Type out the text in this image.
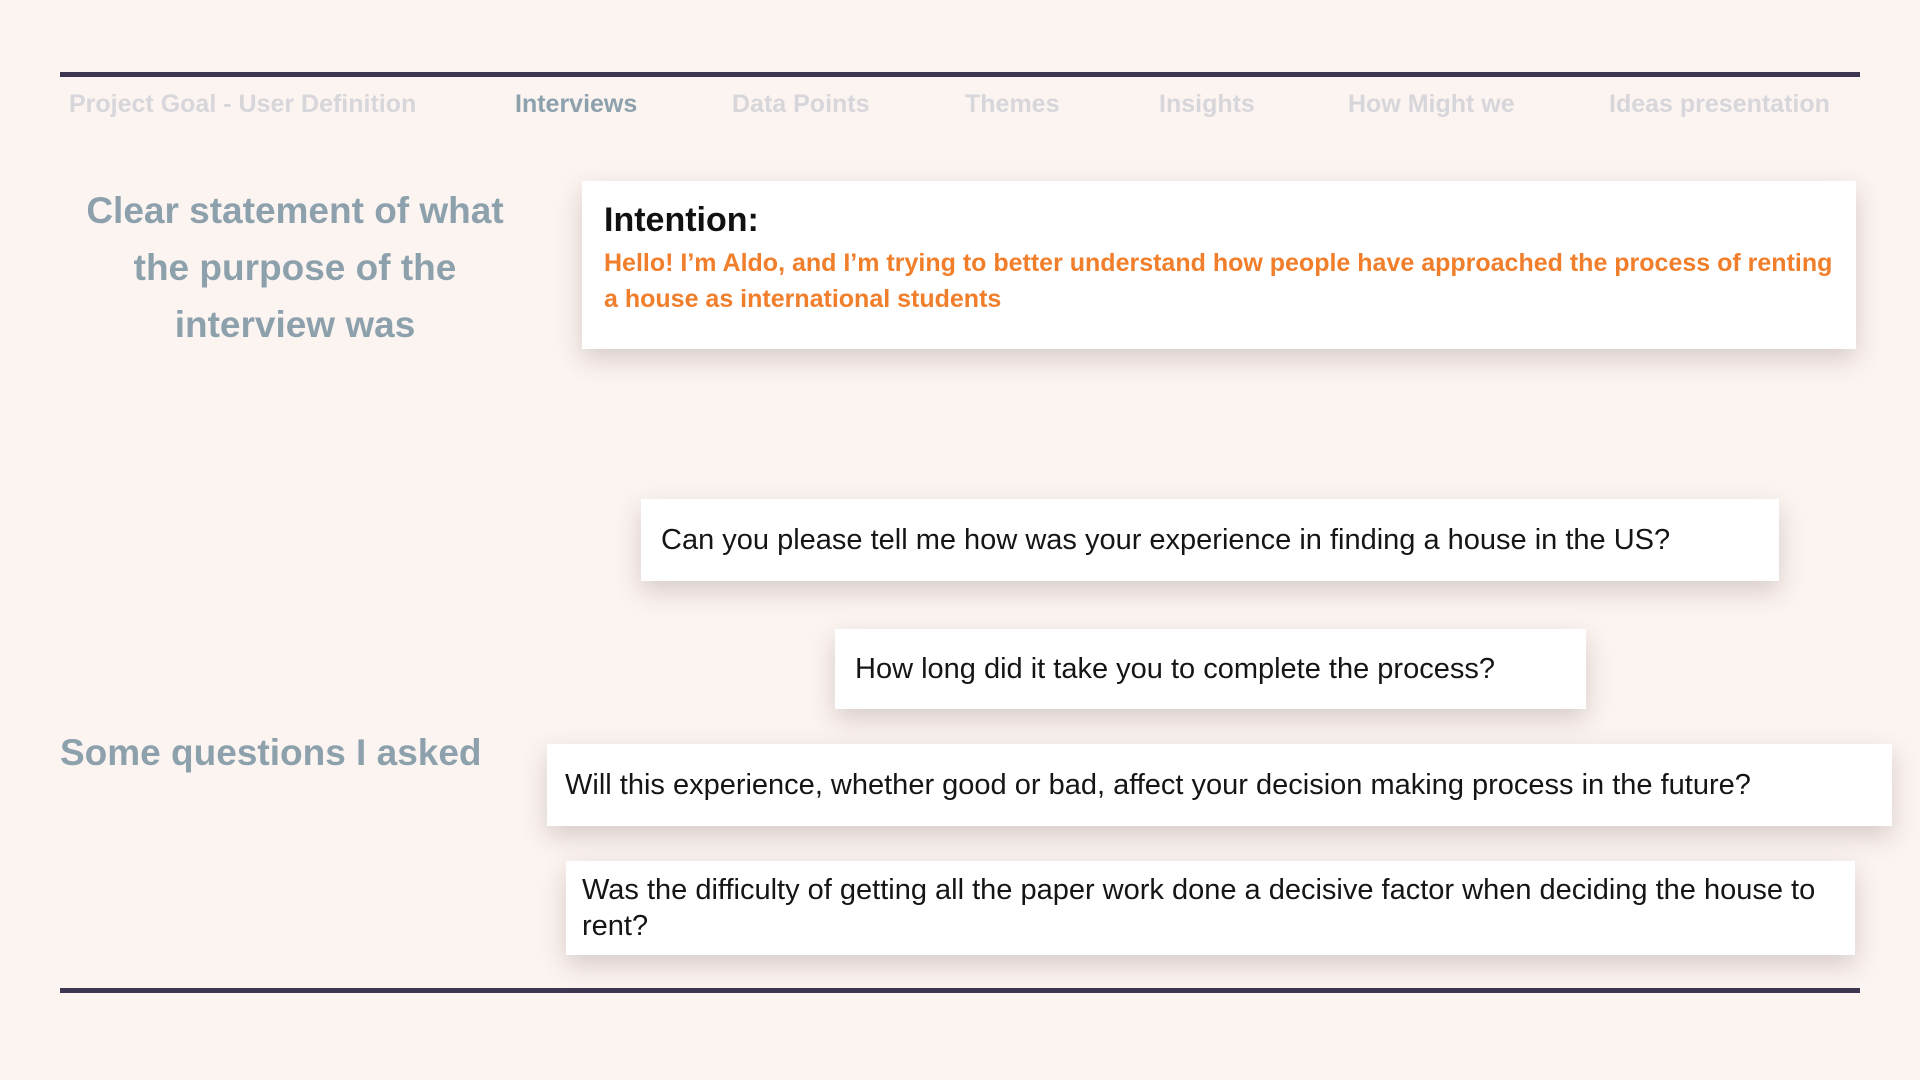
Project Goal - User Definition	Interviews	Data Points	Themes	Insights	How Might we	Ideas presentation
Clear statement of what the purpose of the interview was
Intention:
Hello! I’m Aldo, and I’m trying to better understand how people have approached the process of renting a house as international students
Some questions I asked
Can you please tell me how was your experience in finding a house in the US?
How long did it take you to complete the process?
Will this experience, whether good or bad, affect your decision making process in the future?
Was the difficulty of getting all the paper work done a decisive factor when deciding the house to rent?
